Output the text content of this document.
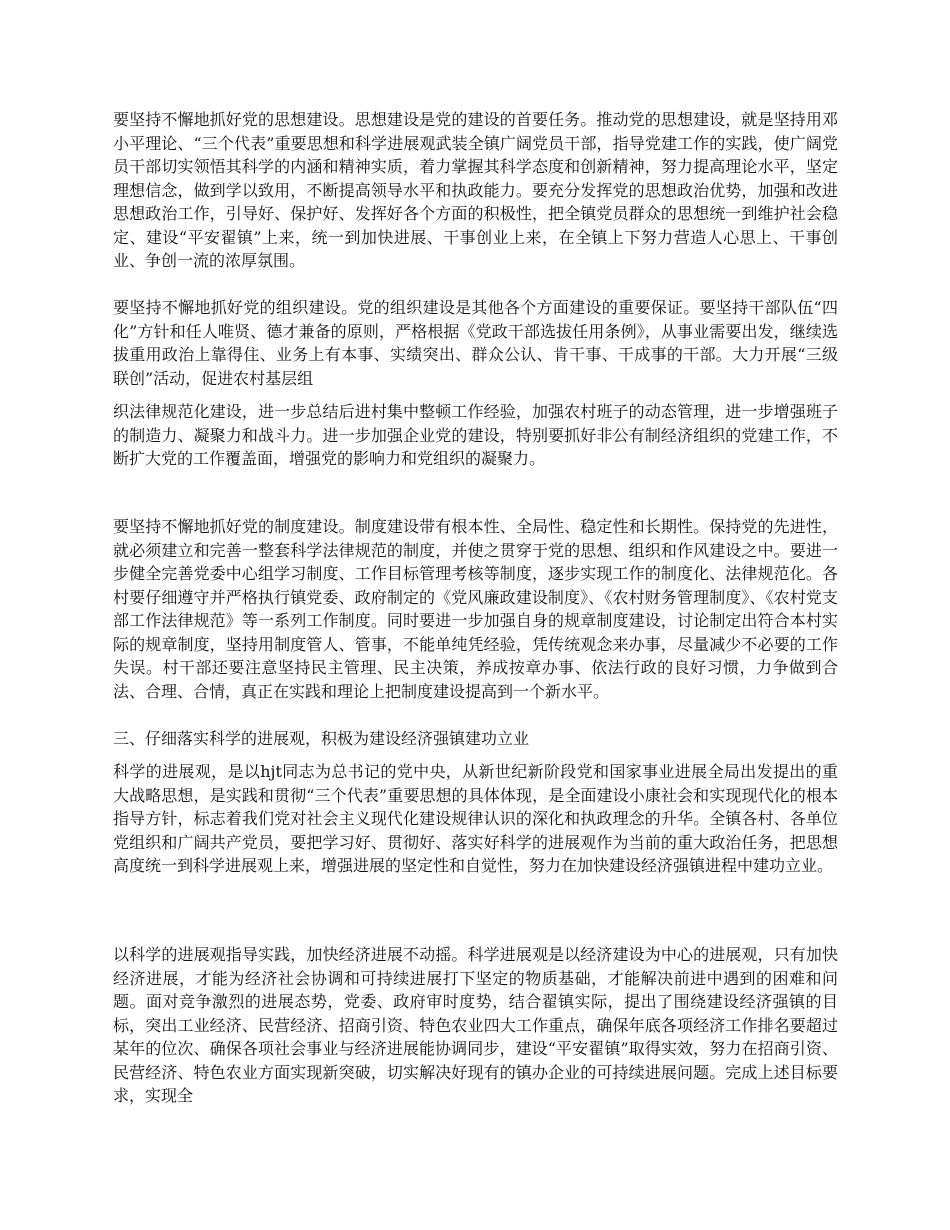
要坚持不懈地抓好党的思想建设。思想建设是党的建设的首要任务。推动党的思想建设，就是坚持用邓小平理论、“三个代表”重要思想和科学进展观武装全镇广阔党员干部，指导党建工作的实践，使广阔党员干部切实领悟其科学的内涵和精神实质，着力掌握其科学态度和创新精神，努力提高理论水平，坚定理想信念，做到学以致用，不断提高领导水平和执政能力。要充分发挥党的思想政治优势，加强和改进思想政治工作，引导好、保护好、发挥好各个方面的积极性，把全镇党员群众的思想统一到维护社会稳定、建设“平安翟镇”上来，统一到加快进展、干事创业上来，在全镇上下努力营造人心思上、干事创业、争创一流的浓厚氛围。

要坚持不懈地抓好党的组织建设。党的组织建设是其他各个方面建设的重要保证。要坚持干部队伍“四化”方针和任人唯贤、德才兼备的原则，严格根据《党政干部选拔任用条例》，从事业需要出发，继续选拔重用政治上靠得住、业务上有本事、实绩突出、群众公认、肯干事、干成事的干部。大力开展“三级联创”活动，促进农村基层组

织法律规范化建设，进一步总结后进村集中整顿工作经验，加强农村班子的动态管理，进一步增强班子的制造力、凝聚力和战斗力。进一步加强企业党的建设，特别要抓好非公有制经济组织的党建工作，不断扩大党的工作覆盖面，增强党的影响力和党组织的凝聚力。

要坚持不懈地抓好党的制度建设。制度建设带有根本性、全局性、稳定性和长期性。保持党的先进性，就必须建立和完善一整套科学法律规范的制度，并使之贯穿于党的思想、组织和作风建设之中。要进一步健全完善党委中心组学习制度、工作目标管理考核等制度，逐步实现工作的制度化、法律规范化。各村要仔细遵守并严格执行镇党委、政府制定的《党风廉政建设制度》、《农村财务管理制度》、《农村党支部工作法律规范》等一系列工作制度。同时要进一步加强自身的规章制度建设，讨论制定出符合本村实际的规章制度，坚持用制度管人、管事，不能单纯凭经验，凭传统观念来办事，尽量减少不必要的工作失误。村干部还要注意坚持民主管理、民主决策，养成按章办事、依法行政的良好习惯，力争做到合法、合理、合情，真正在实践和理论上把制度建设提高到一个新水平。

三、仔细落实科学的进展观，积极为建设经济强镇建功立业

科学的进展观，是以hjt同志为总书记的党中央，从新世纪新阶段党和国家事业进展全局出发提出的重大战略思想，是实践和贯彻“三个代表”重要思想的具体体现，是全面建设小康社会和实现现代化的根本指导方针，标志着我们党对社会主义现代化建设规律认识的深化和执政理念的升华。全镇各村、各单位党组织和广阔共产党员，要把学习好、贯彻好、落实好科学的进展观作为当前的重大政治任务，把思想高度统一到科学进展观上来，增强进展的坚定性和自觉性，努力在加快建设经济强镇进程中建功立业。

以科学的进展观指导实践，加快经济进展不动摇。科学进展观是以经济建设为中心的进展观，只有加快经济进展，才能为经济社会协调和可持续进展打下坚定的物质基础，才能解决前进中遇到的困难和问题。面对竞争激烈的进展态势，党委、政府审时度势，结合翟镇实际，提出了围绕建设经济强镇的目标，突出工业经济、民营经济、招商引资、特色农业四大工作重点，确保年底各项经济工作排名要超过某年的位次、确保各项社会事业与经济进展能协调同步，建设“平安翟镇”取得实效，努力在招商引资、民营经济、特色农业方面实现新突破，切实解决好现有的镇办企业的可持续进展问题。完成上述目标要求，实现全
